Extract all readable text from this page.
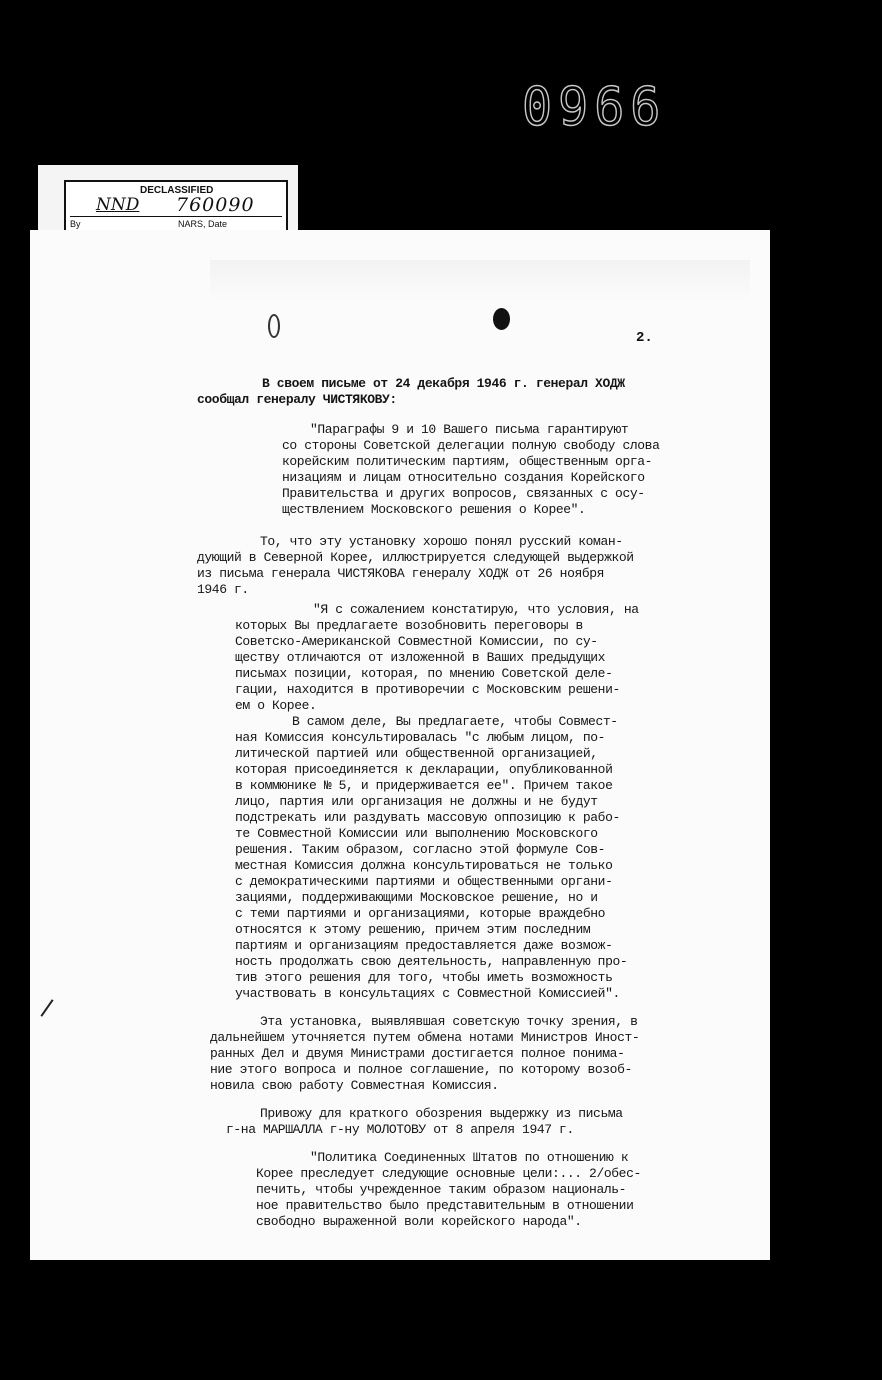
0966
DECLASSIFIED
NND 760090
By	NARS, Date
2.
В своем письме от 24 декабря 1946 г. генерал ХОДЖ
сообщал генералу ЧИСТЯКОВУ:
"Параграфы 9 и 10 Вашего письма гарантируют
со стороны Советской делегации полную свободу слова
корейским политическим партиям, общественным орга-
низациям и лицам относительно создания Корейского
Правительства и других вопросов, связанных с осу-
ществлением Московского решения о Корее".
То, что эту установку хорошо понял русский коман-
дующий в Северной Корее, иллюстрируется следующей выдержкой
из письма генерала ЧИСТЯКОВА генералу ХОДЖ от 26 ноября
1946 г.
"Я с сожалением констатирую, что условия, на
которых Вы предлагаете возобновить переговоры в
Советско-Американской Совместной Комиссии, по су-
ществу отличаются от изложенной в Ваших предыдущих
письмах позиции, которая, по мнению Советской деле-
гации, находится в противоречии с Московским решени-
ем о Корее.
В самом деле, Вы предлагаете, чтобы Совмест-
ная Комиссия консультировалась "с любым лицом, по-
литической партией или общественной организацией,
которая присоединяется к декларации, опубликованной
в коммюнике № 5, и придерживается ее". Причем такое
лицо, партия или организация не должны и не будут
подстрекать или раздувать массовую оппозицию к рабо-
те Совместной Комиссии или выполнению Московского
решения. Таким образом, согласно этой формуле Сов-
местная Комиссия должна консультироваться не только
с демократическими партиями и общественными органи-
зациями, поддерживающими Московское решение, но и
с теми партиями и организациями, которые враждебно
относятся к этому решению, причем этим последним
партиям и организациям предоставляется даже возмож-
ность продолжать свою деятельность, направленную про-
тив этого решения для того, чтобы иметь возможность
участвовать в консультациях с Совместной Комиссией".
Эта установка, выявлявшая советскую точку зрения, в
дальнейшем уточняется путем обмена нотами Министров Иност-
ранных Дел и двумя Министрами достигается полное понима-
ние этого вопроса и полное соглашение, по которому возоб-
новила свою работу Совместная Комиссия.
Привожу для краткого обозрения выдержку из письма
г-на МАРШАЛЛА г-ну МОЛОТОВУ от 8 апреля 1947 г.
"Политика Соединенных Штатов по отношению к
Корее преследует следующие основные цели:... 2/обес-
печить, чтобы учрежденное таким образом националь-
ное правительство было представительным в отношении
свободно выраженной воли корейского народа".
